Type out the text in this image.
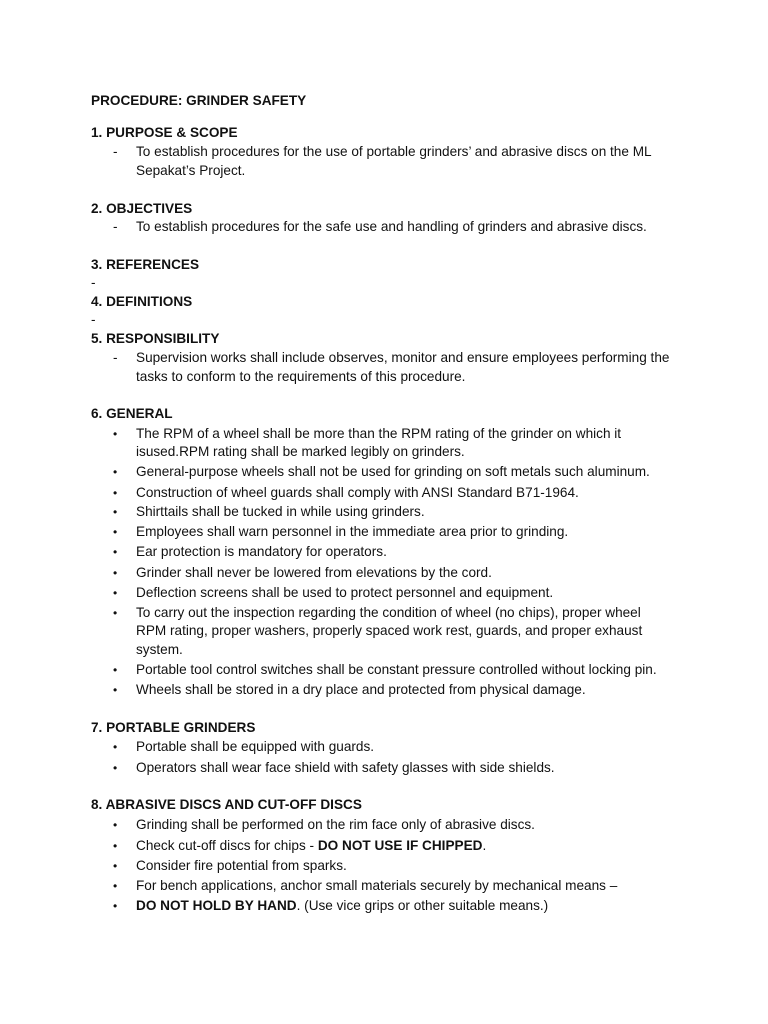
PROCEDURE: GRINDER SAFETY
1. PURPOSE & SCOPE
- To establish procedures for the use of portable grinders’ and abrasive discs on the ML
Sepakat’s Project.
2. OBJECTIVES
- To establish procedures for the safe use and handling of grinders and abrasive discs.
3. REFERENCES
-
4. DEFINITIONS
-
5. RESPONSIBILITY
- Supervision works shall include observes, monitor and ensure employees performing the
tasks to conform to the requirements of this procedure.
6. GENERAL
• The RPM of a wheel shall be more than the RPM rating of the grinder on which it
isused.RPM rating shall be marked legibly on grinders.
• General-purpose wheels shall not be used for grinding on soft metals such aluminum.
• Construction of wheel guards shall comply with ANSI Standard B71-1964.
• Shirttails shall be tucked in while using grinders.
• Employees shall warn personnel in the immediate area prior to grinding.
• Ear protection is mandatory for operators.
• Grinder shall never be lowered from elevations by the cord.
• Deflection screens shall be used to protect personnel and equipment.
• To carry out the inspection regarding the condition of wheel (no chips), proper wheel
RPM rating, proper washers, properly spaced work rest, guards, and proper exhaust
system.
• Portable tool control switches shall be constant pressure controlled without locking pin.
• Wheels shall be stored in a dry place and protected from physical damage.
7. PORTABLE GRINDERS
• Portable shall be equipped with guards.
• Operators shall wear face shield with safety glasses with side shields.
8. ABRASIVE DISCS AND CUT-OFF DISCS
• Grinding shall be performed on the rim face only of abrasive discs.
• Check cut-off discs for chips - DO NOT USE IF CHIPPED.
• Consider fire potential from sparks.
• For bench applications, anchor small materials securely by mechanical means –
• DO NOT HOLD BY HAND. (Use vice grips or other suitable means.)
